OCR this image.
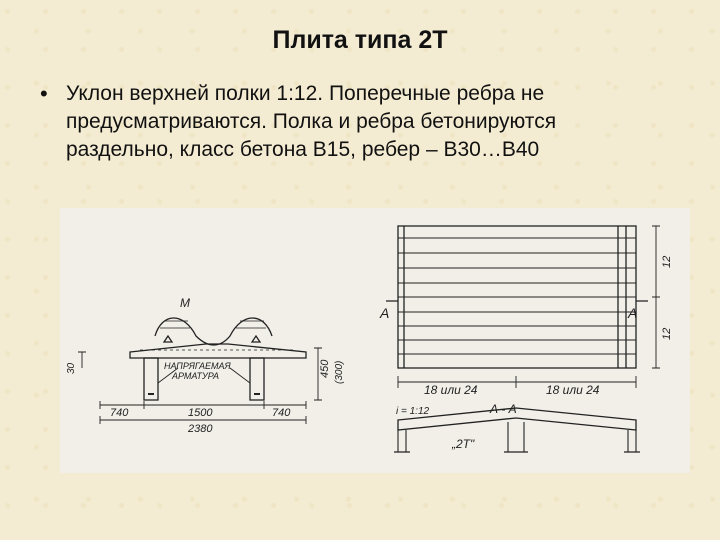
Плита типа 2Т
• Уклон верхней полки 1:12. Поперечные ребра не
предусматриваются. Полка и ребра бетонируются
раздельно, класс бетона В15, ребер – В30…В40
М
НАПРЯГАЕМАЯ
АРМАТУРА
740	1500	740
2380
450 (300)
30
А	А
12
12
18 или 24	18 или 24
i = 1:12	А - А
„2Т"
